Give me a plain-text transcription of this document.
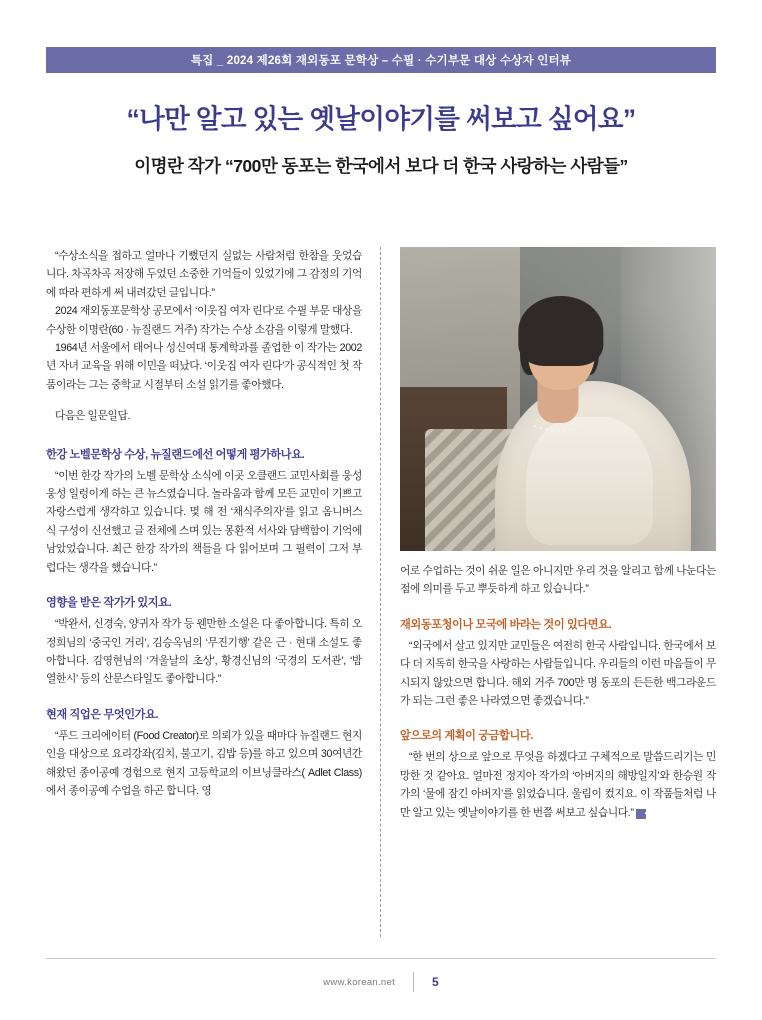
특집 _ 2024 제26회 재외동포 문학상 – 수필 · 수기부문 대상 수상자 인터뷰
“나만 알고 있는 옛날이야기를 써보고 싶어요”
이명란 작가 “700만 동포는 한국에서 보다 더 한국 사랑하는 사람들”

“수상소식을 접하고 얼마나 기뻤던지 실없는 사람처럼 한참을 웃었습니다. 차곡차곡 저장해 두었던 소중한 기억들이 있었기에 그 감정의 기억에 따라 편하게 써 내려갔던 글입니다.”

2024 재외동포문학상 공모에서 ‘이웃집 여자 린다’로 수필 부문 대상을 수상한 이명란(60 · 뉴질랜드 거주) 작가는 수상 소감을 이렇게 말했다.

1964년 서울에서 태어나 성신여대 통계학과를 졸업한 이 작가는 2002년 자녀 교육을 위해 이민을 떠났다. ‘이웃집 여자 린다’가 공식적인 첫 작품이라는 그는 중학교 시절부터 소설 읽기를 좋아했다.

다음은 일문일답.

한강 노벨문학상 수상, 뉴질랜드에선 어떻게 평가하나요.

“이번 한강 작가의 노벨 문학상 소식에 이곳 오클랜드 교민사회를 웅성웅성 일렁이게 하는 큰 뉴스였습니다. 놀라움과 함께 모든 교민이 기쁘고 자랑스럽게 생각하고 있습니다. 몇 해 전 ‘채식주의자’를 읽고 옴니버스식 구성이 신선했고 글 전체에 스며 있는 몽환적 서사와 담백함이 기억에 남았었습니다. 최근 한강 작가의 책들을 다 읽어보며 그 필력이 그저 부럽다는 생각을 했습니다.”

영향을 받은 작가가 있지요.

“박완서, 신경숙, 양귀자 작가 등 웬만한 소설은 다 좋아합니다. 특히 오정희님의 ‘중국인 거리’, 김승옥님의 ‘무진기행’ 같은 근 · 현대 소설도 좋아합니다. 김영현님의 ‘겨울날의 초상’, 황경신님의 ‘국경의 도서관’, ‘밤 열한시’ 등의 산문스타일도 좋아합니다.”

현재 직업은 무엇인가요.

“푸드 크리에이터 (Food Creator)로 의뢰가 있을 때마다 뉴질랜드 현지인을 대상으로 요리강좌(김치, 불고기, 김밥 등)를 하고 있으며 30여년간 해왔던 종이공예 경험으로 현지 고등학교의 이브닝클라스( Adlet Class)에서 종이공예 수업을 하곤 합니다. 영

어로 수업하는 것이 쉬운 일은 아니지만 우리 것을 알리고 함께 나눈다는 점에 의미를 두고 뿌듯하게 하고 있습니다.”

재외동포청이나 모국에 바라는 것이 있다면요.

“외국에서 살고 있지만 교민들은 여전히 한국 사람입니다. 한국에서 보다 더 지독히 한국을 사랑하는 사람들입니다. 우리들의 이런 마음들이 무시되지 않았으면 합니다. 해외 거주 700만 명 동포의 든든한 백그라운드가 되는 그런 좋은 나라였으면 좋겠습니다.”

앞으로의 계획이 궁금합니다.

“한 번의 상으로 앞으로 무엇을 하겠다고 구체적으로 말씀드리기는 민망한 것 같아요. 얼마전 정지아 작가의 ‘아버지의 해방일지’와 한승원 작가의 ‘물에 잠긴 아버지’를 읽었습니다. 울림이 컸지요. 이 작품들처럼 나만 알고 있는 옛날이야기를 한 번쯤 써보고 싶습니다.” ♣

www.korean.net	5
